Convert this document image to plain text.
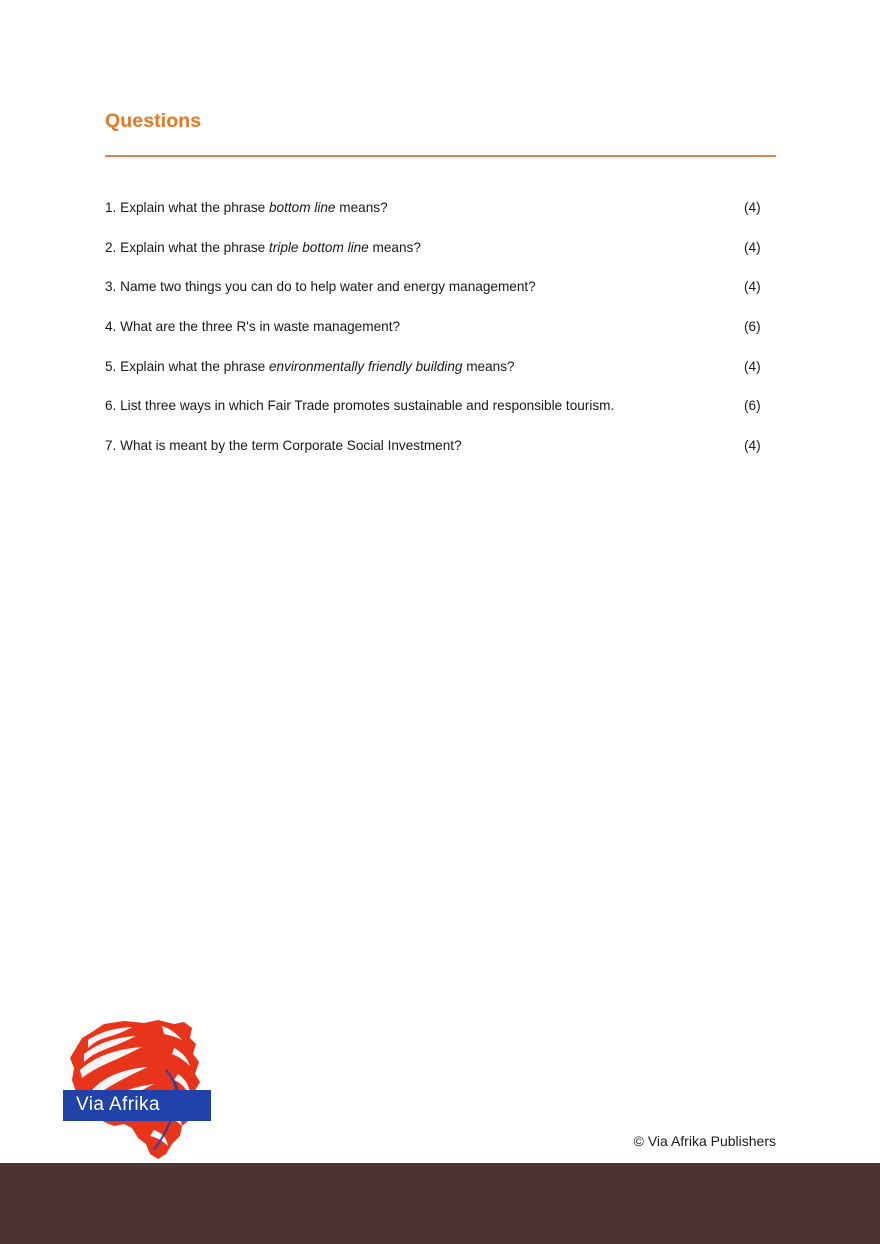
Questions
1. Explain what the phrase bottom line means?	(4)
2. Explain what the phrase triple bottom line means?	(4)
3. Name two things you can do to help water and energy management?	(4)
4. What are the three R's in waste management?	(6)
5. Explain what the phrase environmentally friendly building means?	(4)
6. List three ways in which Fair Trade promotes sustainable and responsible tourism.	(6)
7. What is meant by the term Corporate Social Investment?	(4)
Via Afrika
© Via Afrika Publishers
